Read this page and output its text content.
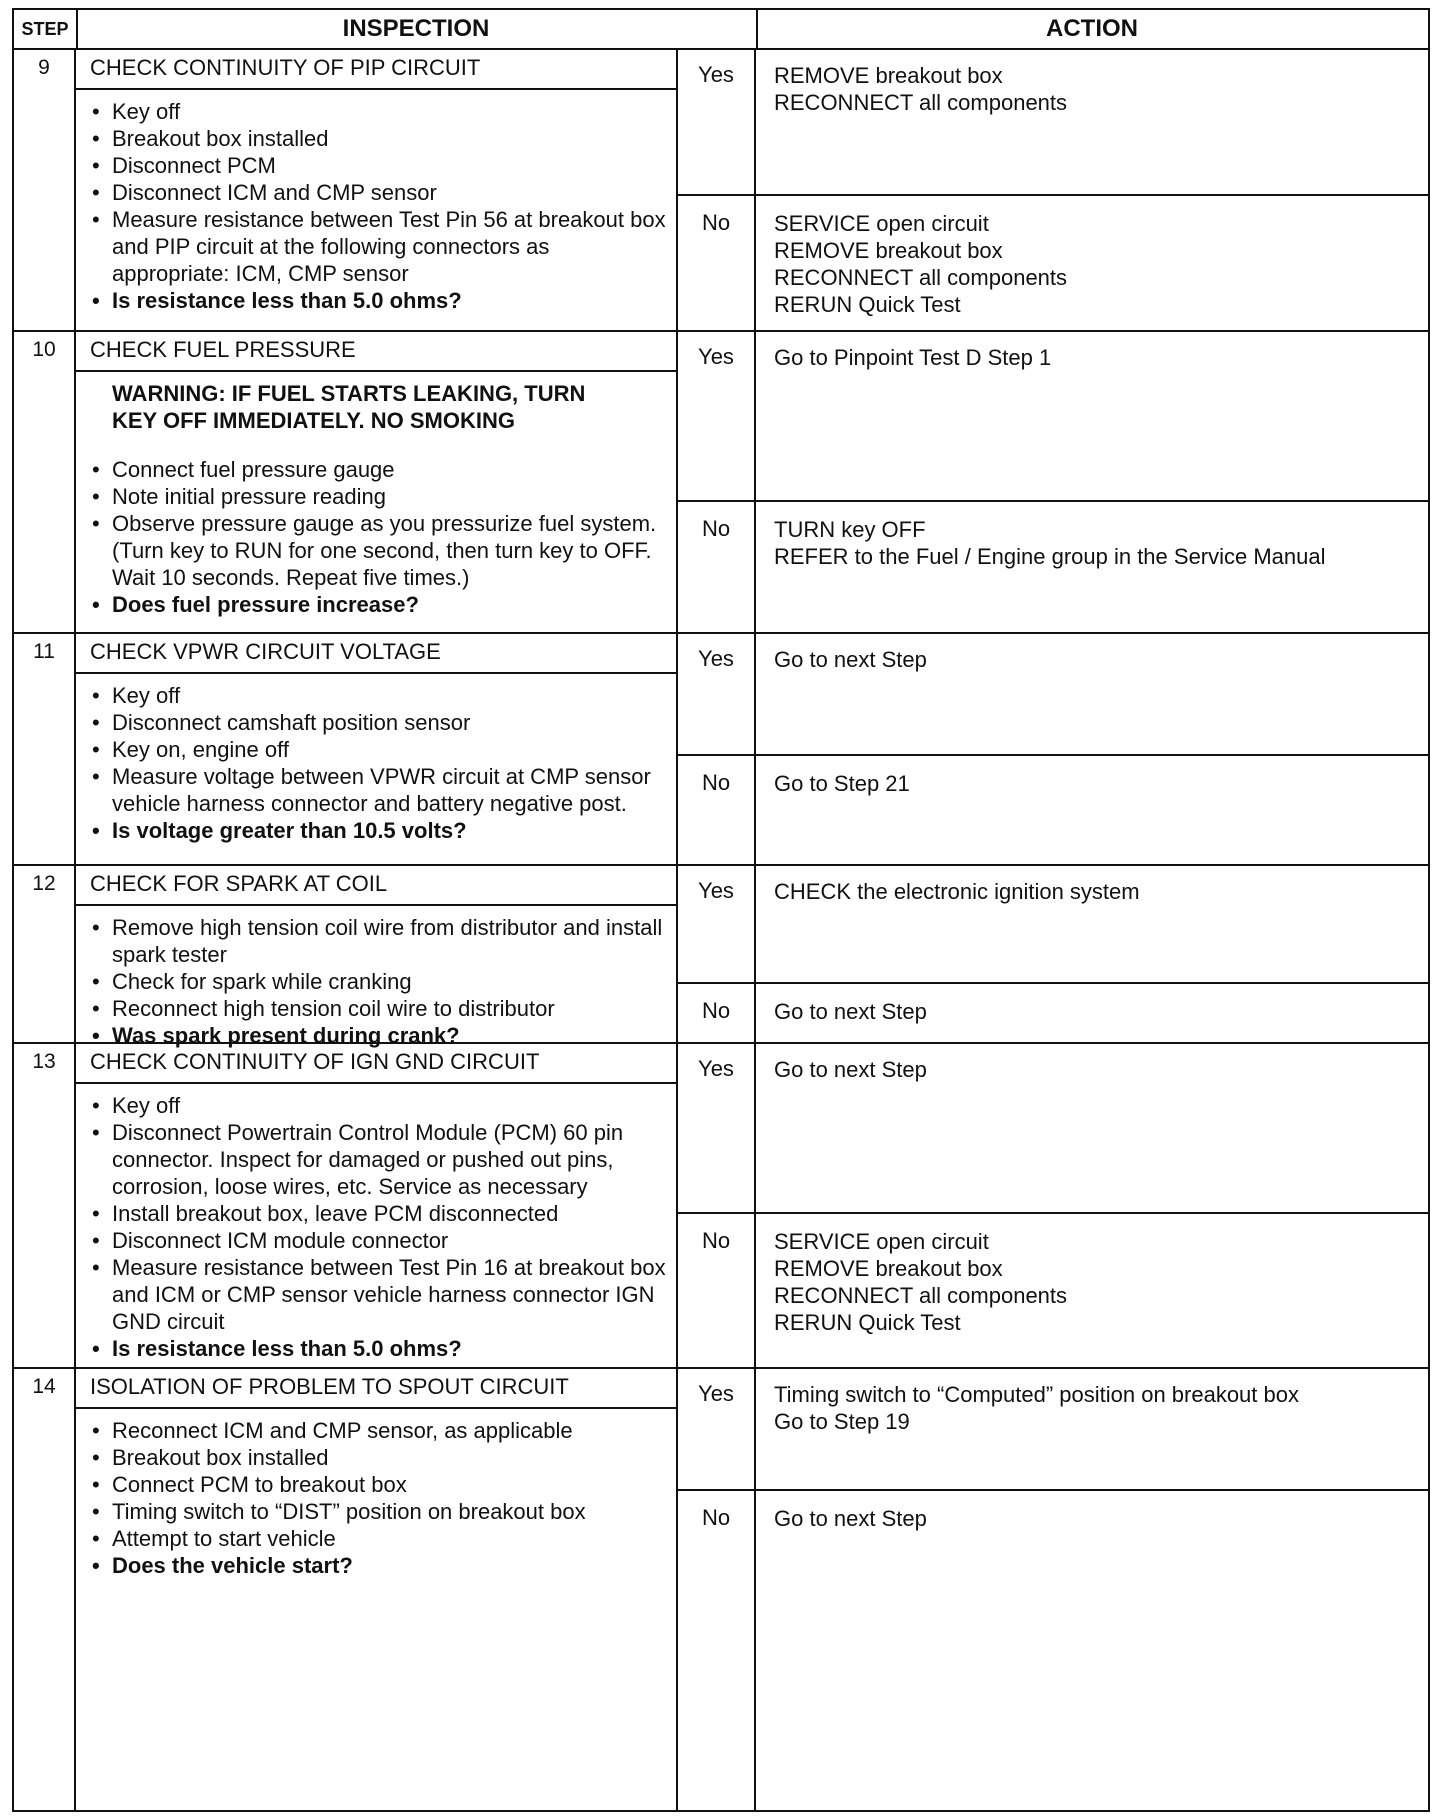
STEP	INSPECTION	ACTION
9	CHECK CONTINUITY OF PIP CIRCUIT
• Key off
• Breakout box installed
• Disconnect PCM
• Disconnect ICM and CMP sensor
• Measure resistance between Test Pin 56 at breakout box and PIP circuit at the following connectors as appropriate: ICM, CMP sensor
• Is resistance less than 5.0 ohms?
Yes	REMOVE breakout box
RECONNECT all components
No	SERVICE open circuit
REMOVE breakout box
RECONNECT all components
RERUN Quick Test
10	CHECK FUEL PRESSURE
WARNING: IF FUEL STARTS LEAKING, TURN
KEY OFF IMMEDIATELY. NO SMOKING
• Connect fuel pressure gauge
• Note initial pressure reading
• Observe pressure gauge as you pressurize fuel system. (Turn key to RUN for one second, then turn key to OFF. Wait 10 seconds. Repeat five times.)
• Does fuel pressure increase?
Yes	Go to Pinpoint Test D Step 1
No	TURN key OFF
REFER to the Fuel / Engine group in the Service Manual
11	CHECK VPWR CIRCUIT VOLTAGE
• Key off
• Disconnect camshaft position sensor
• Key on, engine off
• Measure voltage between VPWR circuit at CMP sensor vehicle harness connector and battery negative post.
• Is voltage greater than 10.5 volts?
Yes	Go to next Step
No	Go to Step 21
12	CHECK FOR SPARK AT COIL
• Remove high tension coil wire from distributor and install spark tester
• Check for spark while cranking
• Reconnect high tension coil wire to distributor
• Was spark present during crank?
Yes	CHECK the electronic ignition system
No	Go to next Step
13	CHECK CONTINUITY OF IGN GND CIRCUIT
• Key off
• Disconnect Powertrain Control Module (PCM) 60 pin connector. Inspect for damaged or pushed out pins, corrosion, loose wires, etc. Service as necessary
• Install breakout box, leave PCM disconnected
• Disconnect ICM module connector
• Measure resistance between Test Pin 16 at breakout box and ICM or CMP sensor vehicle harness connector IGN GND circuit
• Is resistance less than 5.0 ohms?
Yes	Go to next Step
No	SERVICE open circuit
REMOVE breakout box
RECONNECT all components
RERUN Quick Test
14	ISOLATION OF PROBLEM TO SPOUT CIRCUIT
• Reconnect ICM and CMP sensor, as applicable
• Breakout box installed
• Connect PCM to breakout box
• Timing switch to “DIST” position on breakout box
• Attempt to start vehicle
• Does the vehicle start?
Yes	Timing switch to “Computed” position on breakout box
Go to Step 19
No	Go to next Step
